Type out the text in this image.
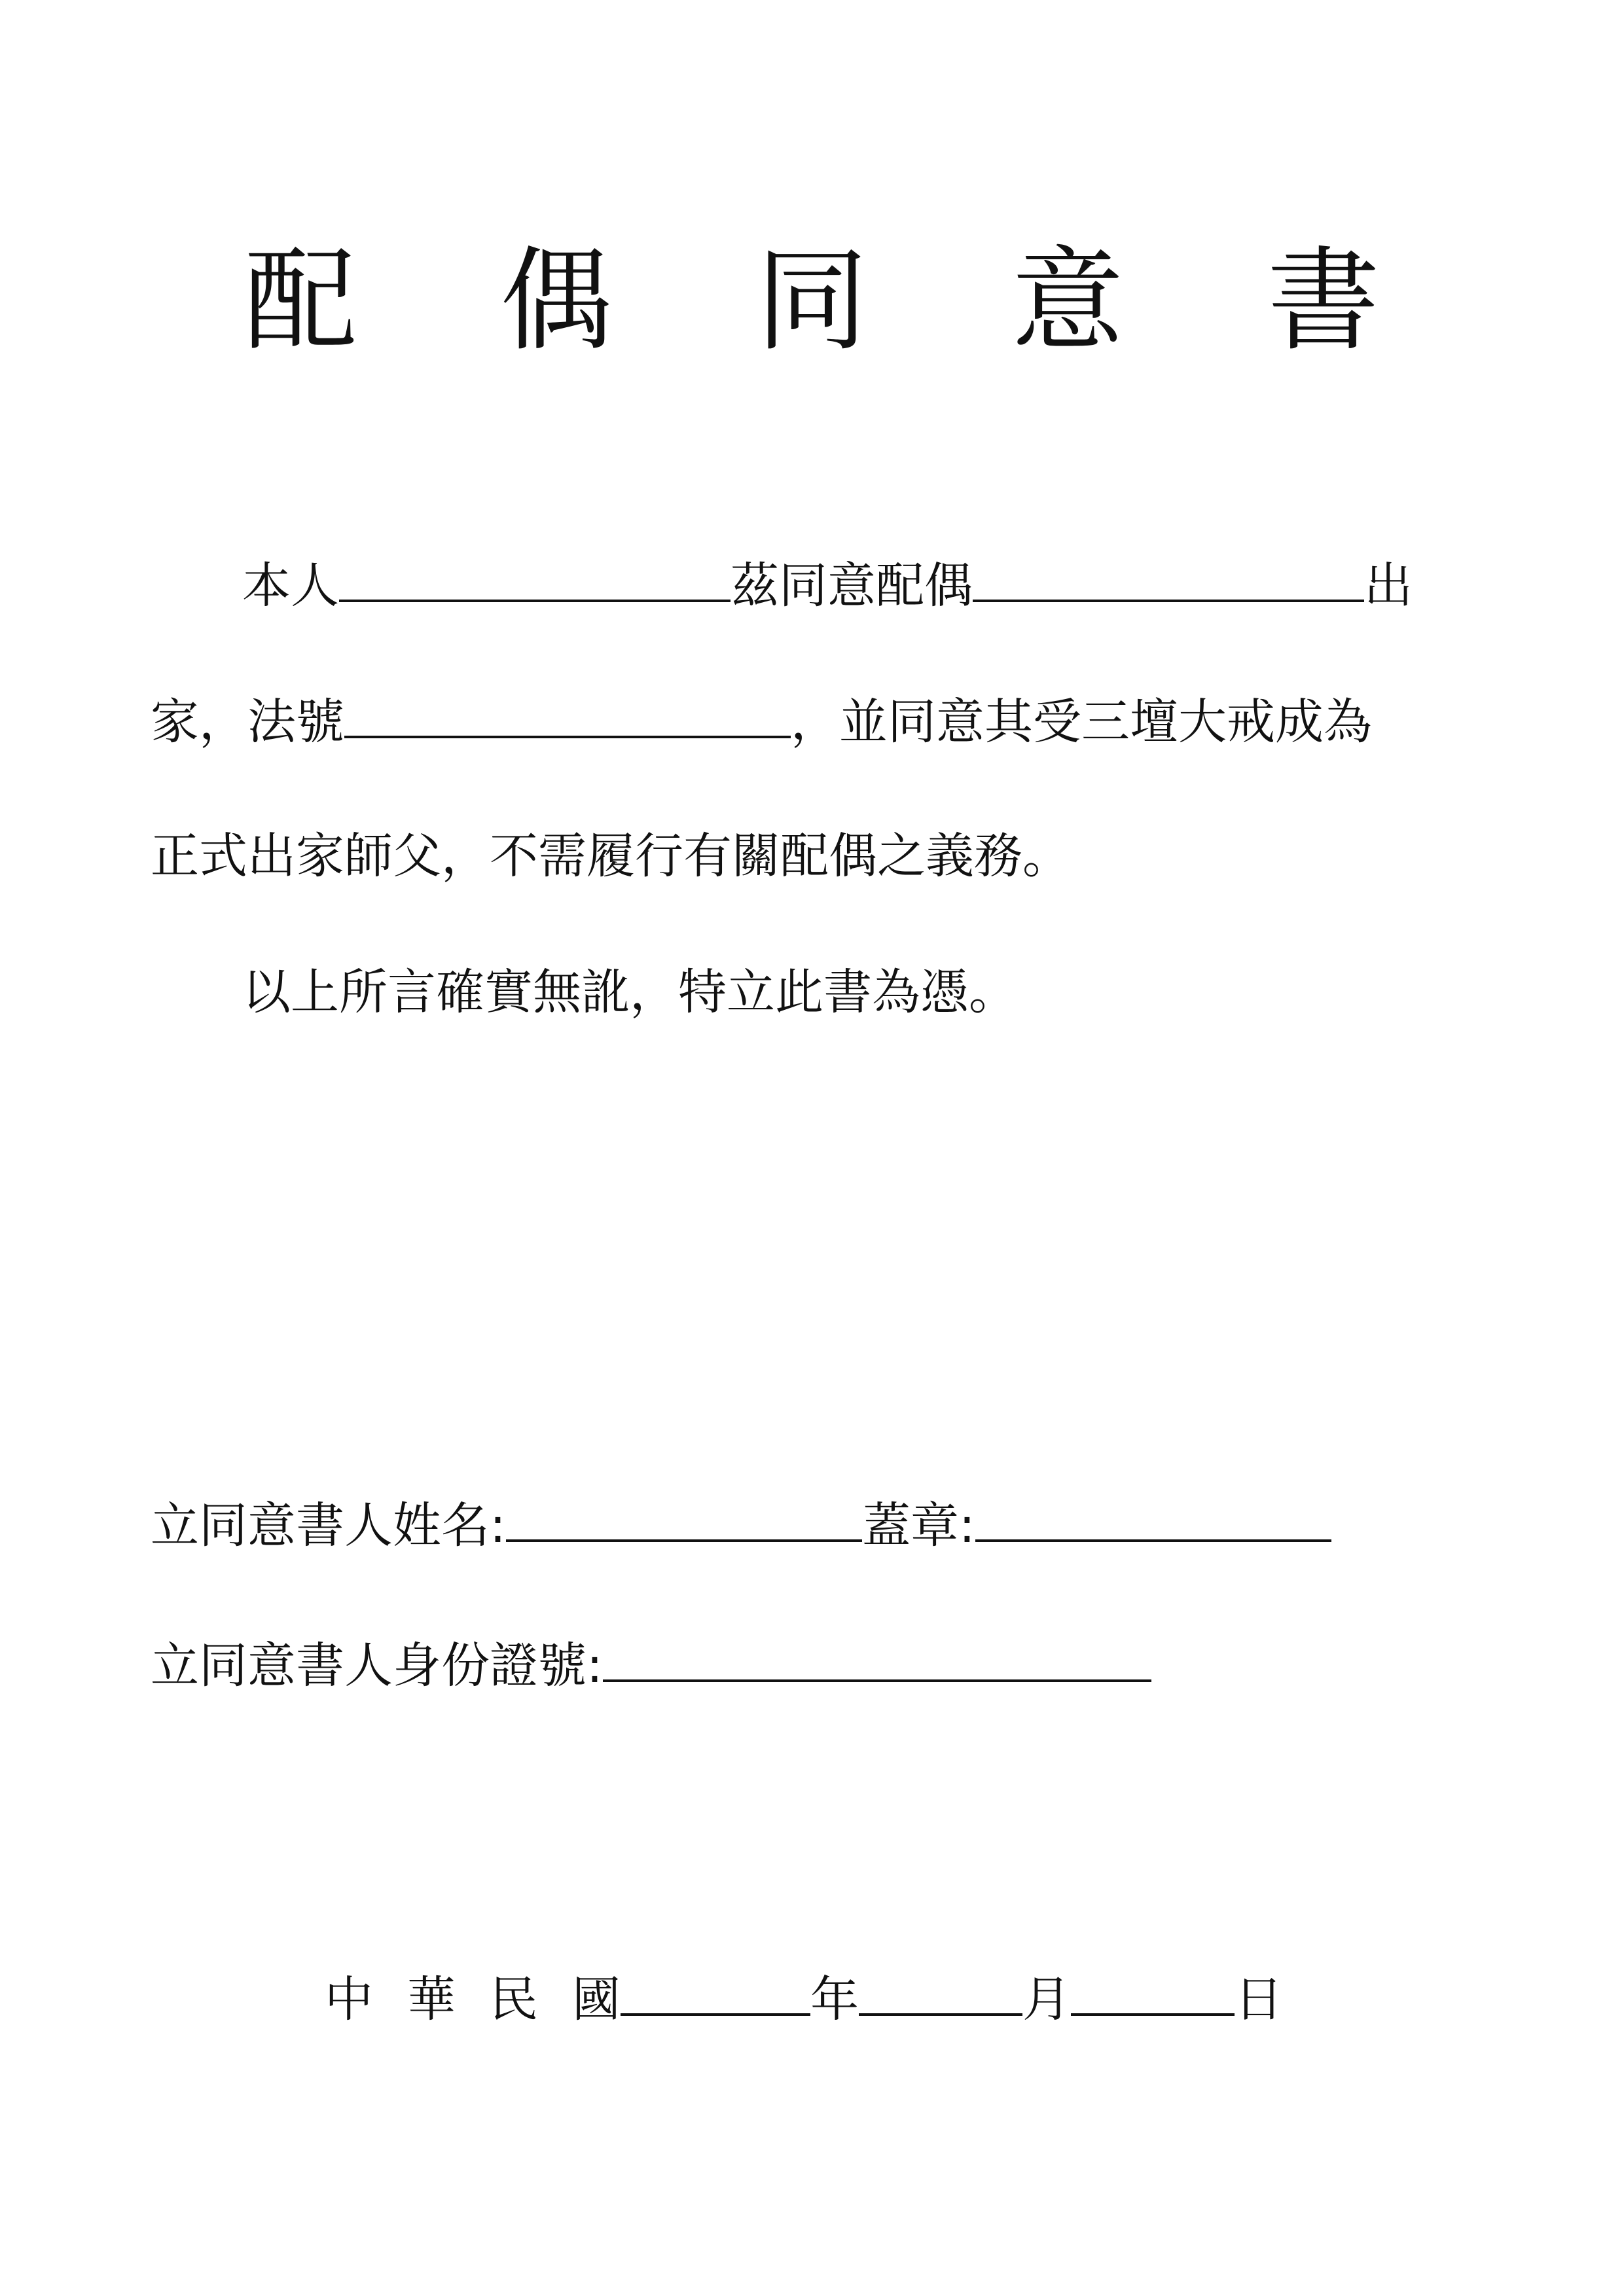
配 偶 同 意 書
本人	茲同意配偶	出
家，法號	，並同意其受三壇大戒成為
正式出家師父，不需履行有關配偶之義務。
以上所言確實無訛，特立此書為憑。
立同意書人姓名:	蓋章:
立同意書人身份證號:
中華民國	年	月	日
